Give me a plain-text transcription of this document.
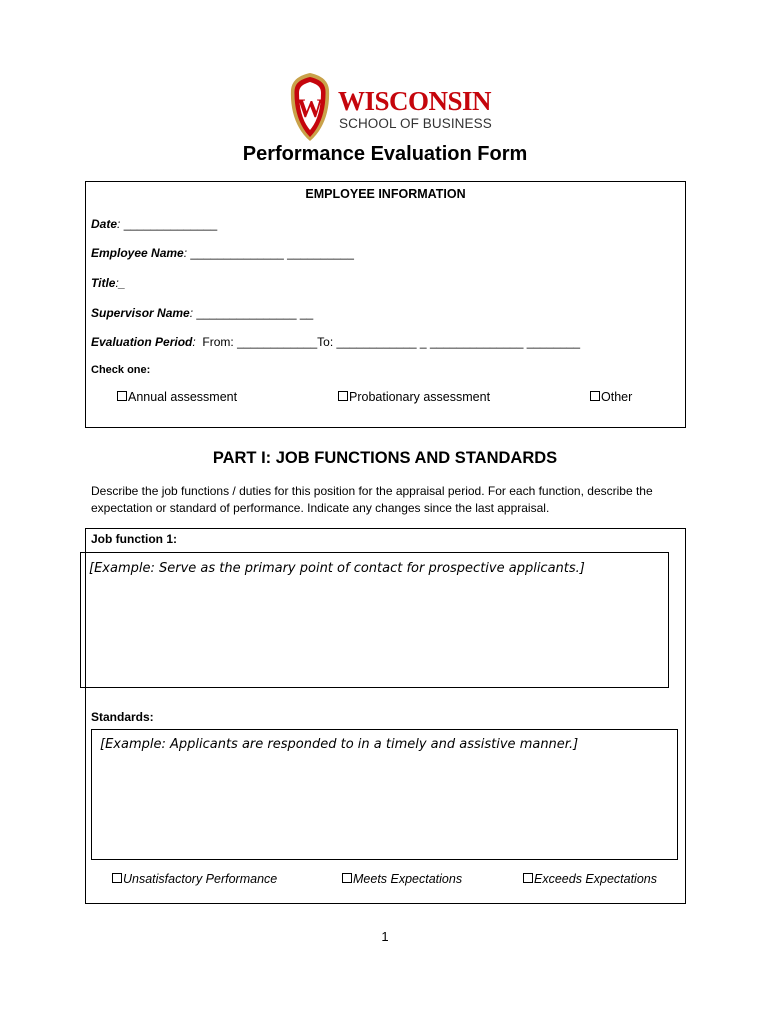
W WISCONSIN
SCHOOL OF BUSINESS
Performance Evaluation Form
EMPLOYEE INFORMATION
Date: ______________
Employee Name: ______________ __________
Title:_
Supervisor Name: _______________ __
Evaluation Period:  From: ____________To: ____________ _ ______________ ________
Check one:
Annual assessment	Probationary assessment	Other
PART I: JOB FUNCTIONS AND STANDARDS
Describe the job functions / duties for this position for the appraisal period. For each function, describe the expectation or standard of performance. Indicate any changes since the last appraisal.
Job function 1:
[Example: Serve as the primary point of contact for prospective applicants.]
Standards:
[Example: Applicants are responded to in a timely and assistive manner.]
Unsatisfactory Performance	Meets Expectations	Exceeds Expectations
1
